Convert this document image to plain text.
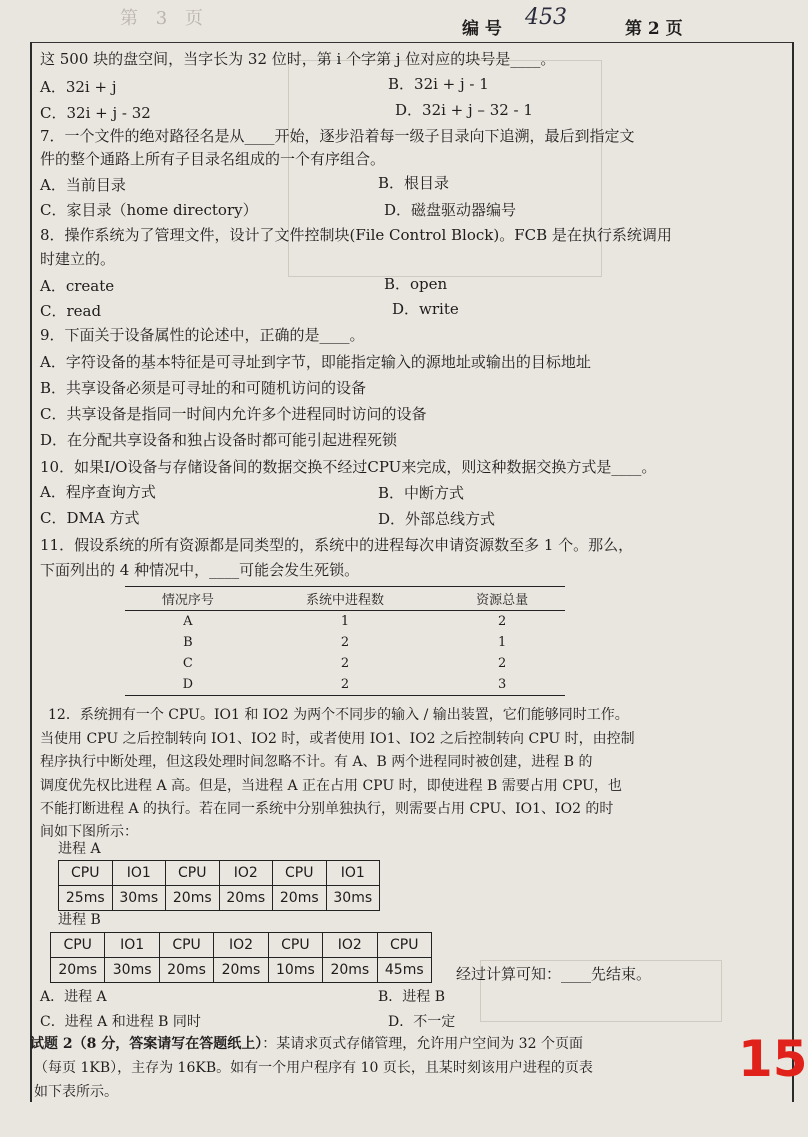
第 3 页	编 号 453	第 2 页
这 500 块的盘空间，当字长为 32 位时，第 i 个字第 j 位对应的块号是____。
A．32i + j	B．32i + j - 1
C．32i + j - 32	D．32i + j – 32 - 1
7．一个文件的绝对路径名是从____开始，逐步沿着每一级子目录向下追溯，最后到指定文
件的整个通路上所有子目录名组成的一个有序组合。
A．当前目录	B．根目录
C．家目录（home directory）	D．磁盘驱动器编号
8．操作系统为了管理文件，设计了文件控制块(File Control Block)。FCB 是在执行系统调用
时建立的。
A．create	B．open
C．read	D．write
9．下面关于设备属性的论述中，正确的是____。
A．字符设备的基本特征是可寻址到字节，即能指定输入的源地址或输出的目标地址
B．共享设备必须是可寻址的和可随机访问的设备
C．共享设备是指同一时间内允许多个进程同时访问的设备
D．在分配共享设备和独占设备时都可能引起进程死锁
10．如果I/O设备与存储设备间的数据交换不经过CPU来完成，则这种数据交换方式是____。
A．程序查询方式	B．中断方式
C．DMA 方式	D．外部总线方式
11．假设系统的所有资源都是同类型的，系统中的进程每次申请资源数至多 1 个。那么，
下面列出的 4 种情况中，____可能会发生死锁。
情况序号	系统中进程数	资源总量
A	1	2
B	2	1
C	2	2
D	2	3
12．系统拥有一个 CPU。IO1 和 IO2 为两个不同步的输入 / 输出装置，它们能够同时工作。
当使用 CPU 之后控制转向 IO1、IO2 时，或者使用 IO1、IO2 之后控制转向 CPU 时，由控制
程序执行中断处理，但这段处理时间忽略不计。有 A、B 两个进程同时被创建，进程 B 的
调度优先权比进程 A 高。但是，当进程 A 正在占用 CPU 时，即使进程 B 需要占用 CPU，也
不能打断进程 A 的执行。若在同一系统中分别单独执行，则需要占用 CPU、IO1、IO2 的时
间如下图所示：
进程 A
CPU	IO1	CPU	IO2	CPU	IO1
25ms	30ms	20ms	20ms	20ms	30ms
进程 B
CPU	IO1	CPU	IO2	CPU	IO2	CPU
20ms	30ms	20ms	20ms	10ms	20ms	45ms 经过计算可知：____先结束。
A．进程 A	B．进程 B
C．进程 A 和进程 B 同时	D．不一定
试题 2（8 分，答案请写在答题纸上）：某请求页式存储管理，允许用户空间为 32 个页面
（每页 1KB），主存为 16KB。如有一个用户程序有 10 页长，且某时刻该用户进程的页表
如下表所示。
15
